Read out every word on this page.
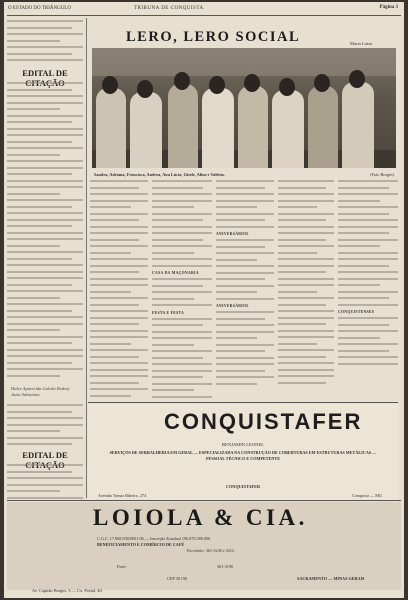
O ESTADO DO TRIÂNGULO	TRIBUNA DE CONQUISTA	Página 3
EDITAL DE
Dulce Aparecida Galvão Bodoty
Juíza Substituta
EDITAL DE
LERO, LERO SOCIAL	Maria Luísa
Sandra, Adriana, Francisca, Andrea, Ana Lúcia, Gisele, Aline e Valéria.	(Foto Borges)
CASA DA MAÇONARIA
FESTA E FESTA
ANIVERSÁRIOS
ANIVERSÁRIOS
CONQUISTENSES
CONQUISTAFER
BENJAMIN LEONEL
SERVIÇOS DE SERRALHERIA EM GERAL — ESPECIALIZADA NA CONSTRUÇÃO DE COBERTURAS EM ESTRUTURAS METÁLICAS — PESSOAL TÉCNICO E COMPETENTE
CONQUISTAFER
Avenida Tomaz Ribeiro, 274	Conquista — MG
LOIOLA & CIA.
C.G.C. 17.868.938/0001-06 — Inscrição Estadual 196.879.580.006
BENEFICIAMENTO E COMÉRCIO DE CAFÉ
Escritório: 361-3238 e 3212
Fone:	361-3190
CEP 38.190	SACRAMENTO — MINAS GERAIS
Av. Capitão Borges, 3 — Cx. Postal, 40
